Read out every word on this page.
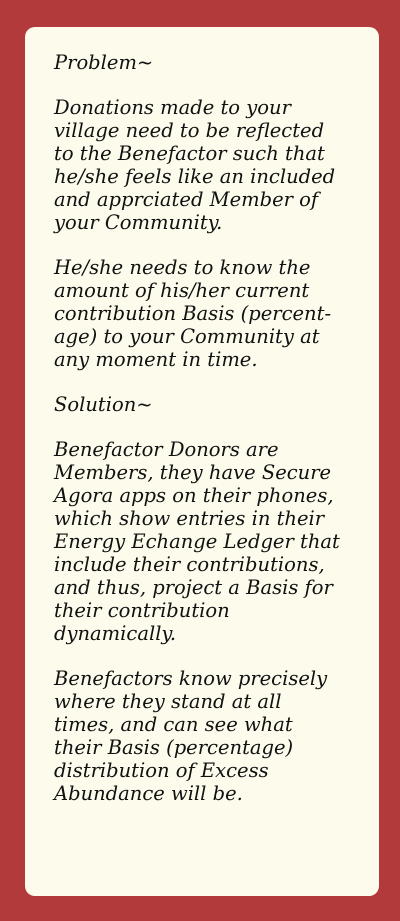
Problem~

Donations made to your
village need to be reflected
to the Benefactor such that
he/she feels like an included
and apprciated Member of
your Community.

He/she needs to know the
amount of his/her current
contribution Basis (percent-
age) to your Community at
any moment in time.

Solution~

Benefactor Donors are
Members, they have Secure
Agora apps on their phones,
which show entries in their
Energy Echange Ledger that
include their contributions,
and thus, project a Basis for
their contribution
dynamically.

Benefactors know precisely
where they stand at all
times, and can see what
their Basis (percentage)
distribution of Excess
Abundance will be.
